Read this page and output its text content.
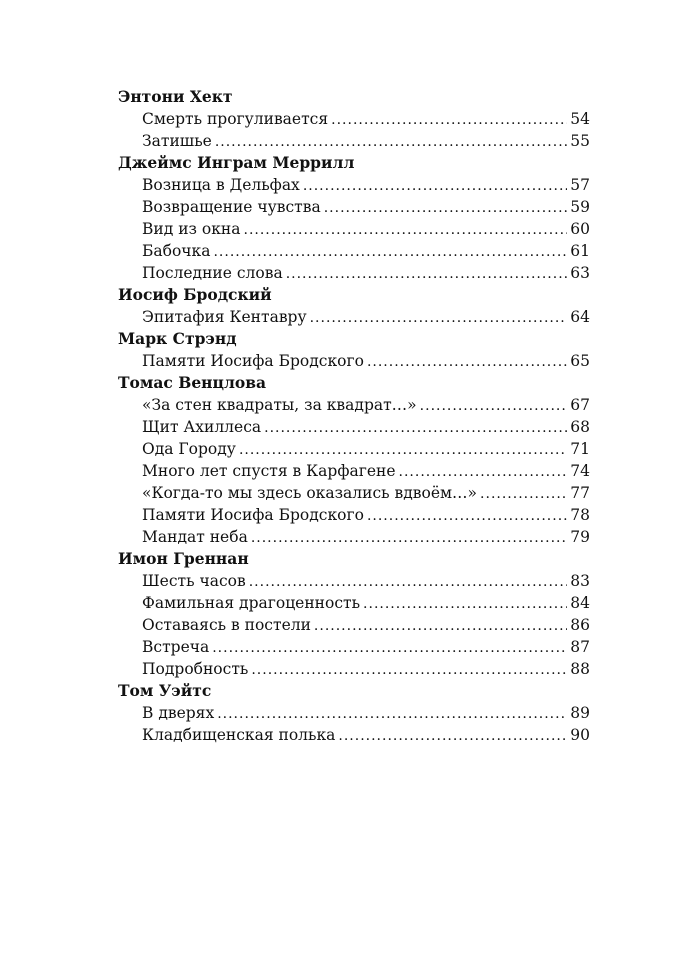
Энтони Хект
Смерть прогуливается .....	54
Затишье .....	55
Джеймс Инграм Меррилл
Возница в Дельфах .....	57
Возвращение чувства .....	59
Вид из окна .....	60
Бабочка .....	61
Последние слова .....	63
Иосиф Бродский
Эпитафия Кентавру .....	64
Марк Стрэнд
Памяти Иосифа Бродского .....	65
Томас Венцлова
«За стен квадраты, за квадрат…» .....	67
Щит Ахиллеса .....	68
Ода Городу .....	71
Много лет спустя в Карфагене .....	74
«Когда-то мы здесь оказались вдвоём…» .....	77
Памяти Иосифа Бродского .....	78
Мандат неба .....	79
Имон Греннан
Шесть часов .....	83
Фамильная драгоценность .....	84
Оставаясь в постели .....	86
Встреча .....	87
Подробность .....	88
Том Уэйтс
В дверях .....	89
Кладбищенская полька .....	90
